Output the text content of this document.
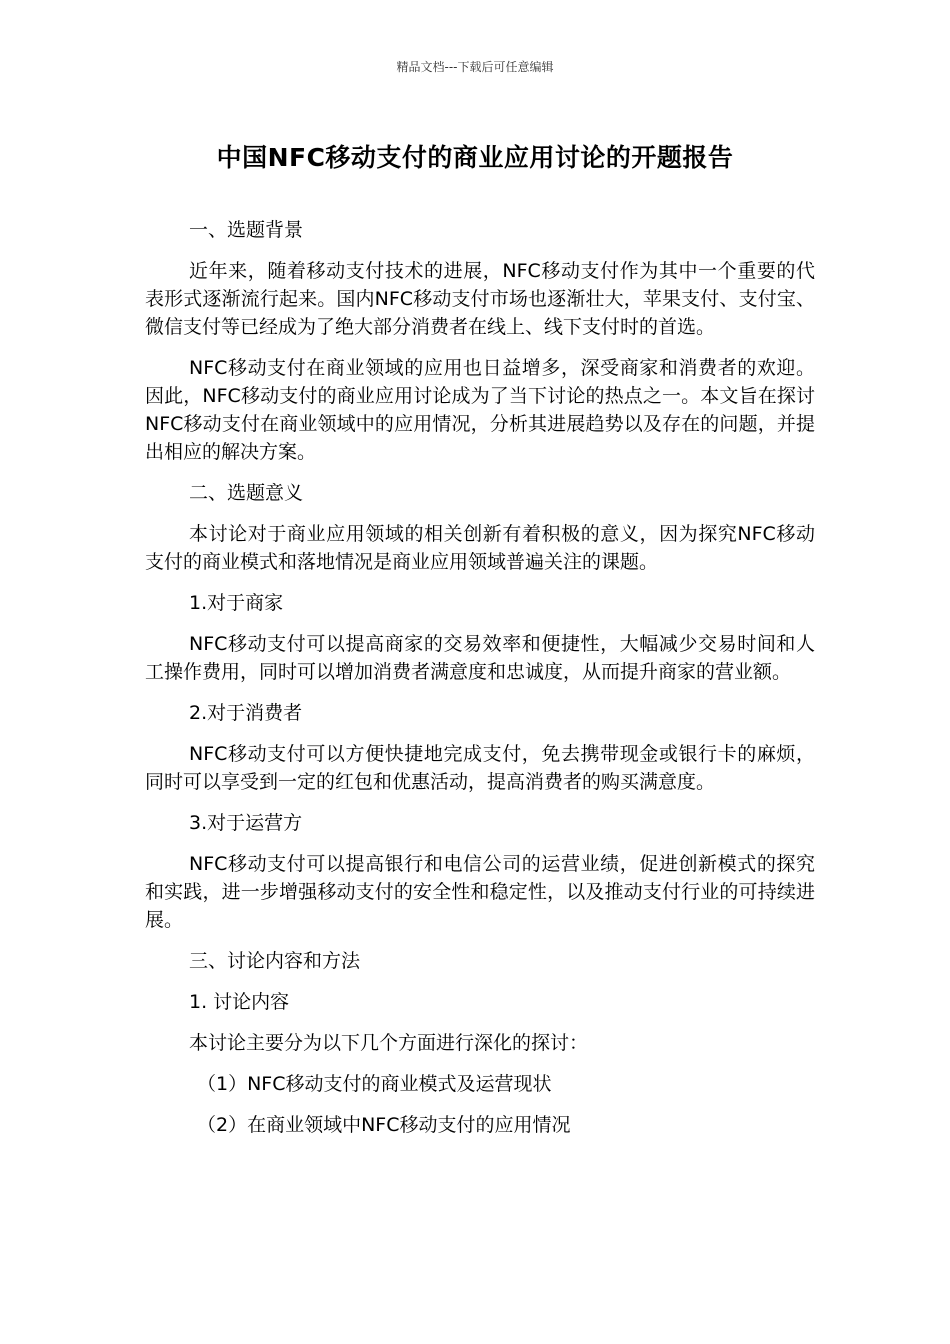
精品文档---下载后可任意编辑
中国NFC移动支付的商业应用讨论的开题报告

一、选题背景

近年来，随着移动支付技术的进展，NFC移动支付作为其中一个重要的代表形式逐渐流行起来。国内NFC移动支付市场也逐渐壮大，苹果支付、支付宝、微信支付等已经成为了绝大部分消费者在线上、线下支付时的首选。

NFC移动支付在商业领域的应用也日益增多，深受商家和消费者的欢迎。因此，NFC移动支付的商业应用讨论成为了当下讨论的热点之一。本文旨在探讨NFC移动支付在商业领域中的应用情况，分析其进展趋势以及存在的问题，并提出相应的解决方案。

二、选题意义

本讨论对于商业应用领域的相关创新有着积极的意义，因为探究NFC移动支付的商业模式和落地情况是商业应用领域普遍关注的课题。

1.对于商家

NFC移动支付可以提高商家的交易效率和便捷性，大幅减少交易时间和人工操作费用，同时可以增加消费者满意度和忠诚度，从而提升商家的营业额。

2.对于消费者

NFC移动支付可以方便快捷地完成支付，免去携带现金或银行卡的麻烦，同时可以享受到一定的红包和优惠活动，提高消费者的购买满意度。

3.对于运营方

NFC移动支付可以提高银行和电信公司的运营业绩，促进创新模式的探究和实践，进一步增强移动支付的安全性和稳定性，以及推动支付行业的可持续进展。

三、讨论内容和方法

1. 讨论内容

本讨论主要分为以下几个方面进行深化的探讨：

（1）NFC移动支付的商业模式及运营现状

（2）在商业领域中NFC移动支付的应用情况
